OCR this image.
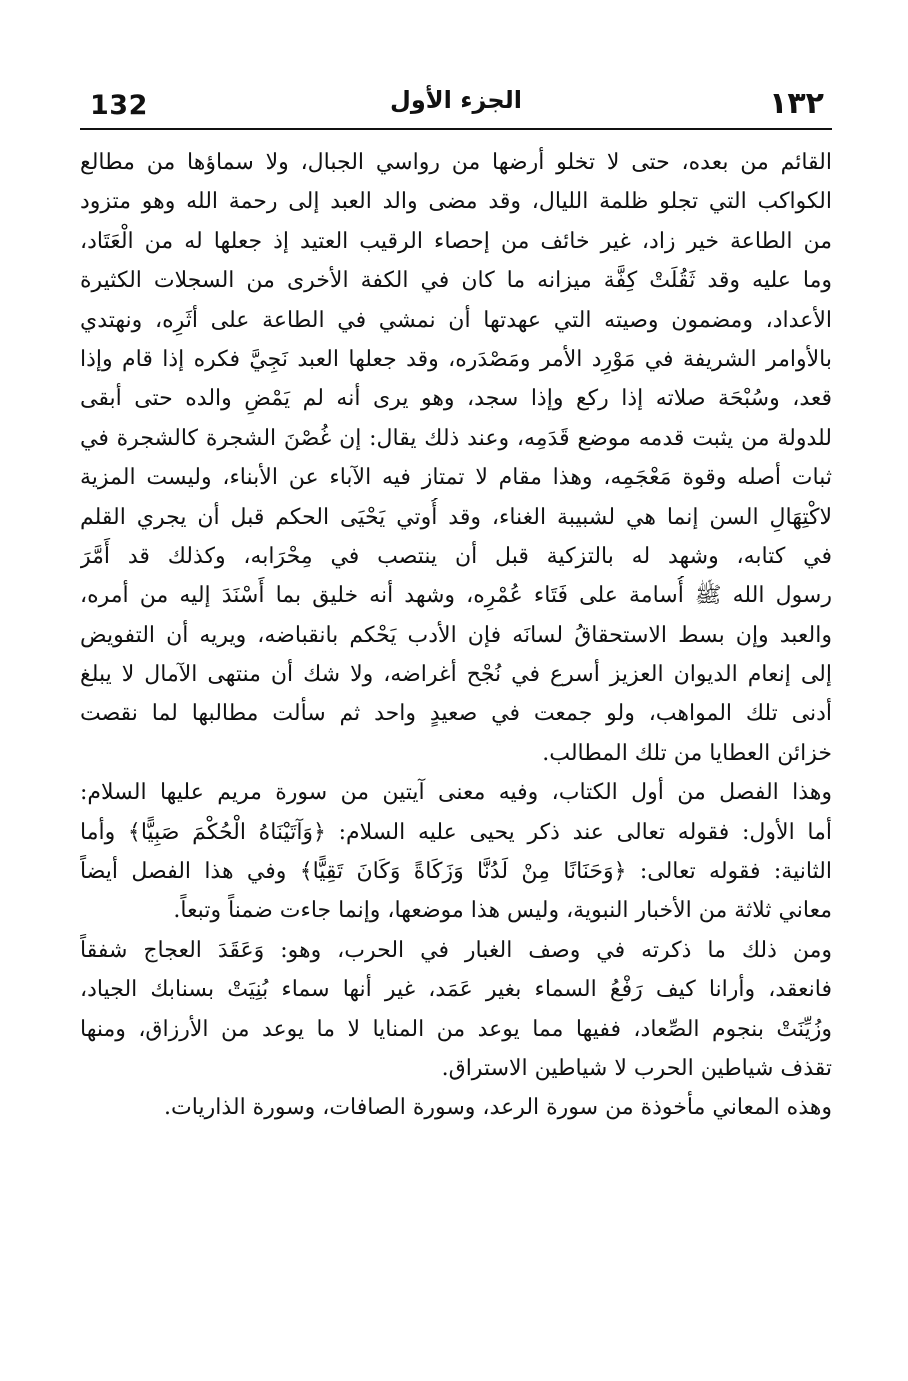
132	الجزء الأول	١٣٢

القائم من بعده، حتى لا تخلو أرضها من رواسي الجبال، ولا سماؤها من مطالع
الكواكب التي تجلو ظلمة الليال، وقد مضى والد العبد إلى رحمة الله وهو متزود
من الطاعة خير زاد، غير خائف من إحصاء الرقيب العتيد إذ جعلها له من الْعَتَاد،
وما عليه وقد ثَقُلَتْ كِفَّة ميزانه ما كان في الكفة الأخرى من السجلات الكثيرة
الأعداد، ومضمون وصيته التي عهدتها أن نمشي في الطاعة على أثَرِه، ونهتدي
بالأوامر الشريفة في مَوْرِد الأمر ومَصْدَره، وقد جعلها العبد نَجِيَّ فكره إذا قام وإذا
قعد، وسُبْحَة صلاته إذا ركع وإذا سجد، وهو يرى أنه لم يَمْضِ والده حتى أبقى
للدولة من يثبت قدمه موضع قَدَمِه، وعند ذلك يقال: إن غُصْنَ الشجرة كالشجرة في
ثبات أصله وقوة مَعْجَمِه، وهذا مقام لا تمتاز فيه الآباء عن الأبناء، وليست المزية
لاكْتِهَالِ السن إنما هي لشبيبة الغناء، وقد أُوتي يَحْيَى الحكم قبل أن يجري القلم
في كتابه، وشهد له بالتزكية قبل أن ينتصب في مِحْرَابه، وكذلك قد أَمَّرَ
رسول الله ﷺ أُسامة على فَتَاء عُمْرِه، وشهد أنه خليق بما أَسْنَدَ إليه من أمره،
والعبد وإن بسط الاستحقاقُ لسانَه فإن الأدب يَحْكم بانقباضه، ويريه أن التفويض
إلى إنعام الديوان العزيز أسرع في نُجْح أغراضه، ولا شك أن منتهى الآمال لا يبلغ
أدنى تلك المواهب، ولو جمعت في صعيدٍ واحد ثم سألت مطالبها لما نقصت
خزائن العطايا من تلك المطالب.

وهذا الفصل من أول الكتاب، وفيه معنى آيتين من سورة مريم عليها السلام:
أما الأول: فقوله تعالى عند ذكر يحيى عليه السلام: ﴿وَآتَيْنَاهُ الْحُكْمَ صَبِيًّا﴾ وأما
الثانية: فقوله تعالى: ﴿وَحَنَانًا مِنْ لَدُنَّا وَزَكَاةً وَكَانَ تَقِيًّا﴾ وفي هذا الفصل أيضاً
معاني ثلاثة من الأخبار النبوية، وليس هذا موضعها، وإنما جاءت ضمناً وتبعاً.

ومن ذلك ما ذكرته في وصف الغبار في الحرب، وهو: وَعَقَدَ العجاج شفقاً
فانعقد، وأرانا كيف رَفْعُ السماء بغير عَمَد، غير أنها سماء بُنِيَتْ بسنابك الجياد،
وزُيِّنَتْ بنجوم الصِّعاد، ففيها مما يوعد من المنايا لا ما يوعد من الأرزاق، ومنها
تقذف شياطين الحرب لا شياطين الاستراق.

وهذه المعاني مأخوذة من سورة الرعد، وسورة الصافات، وسورة الذاريات.
